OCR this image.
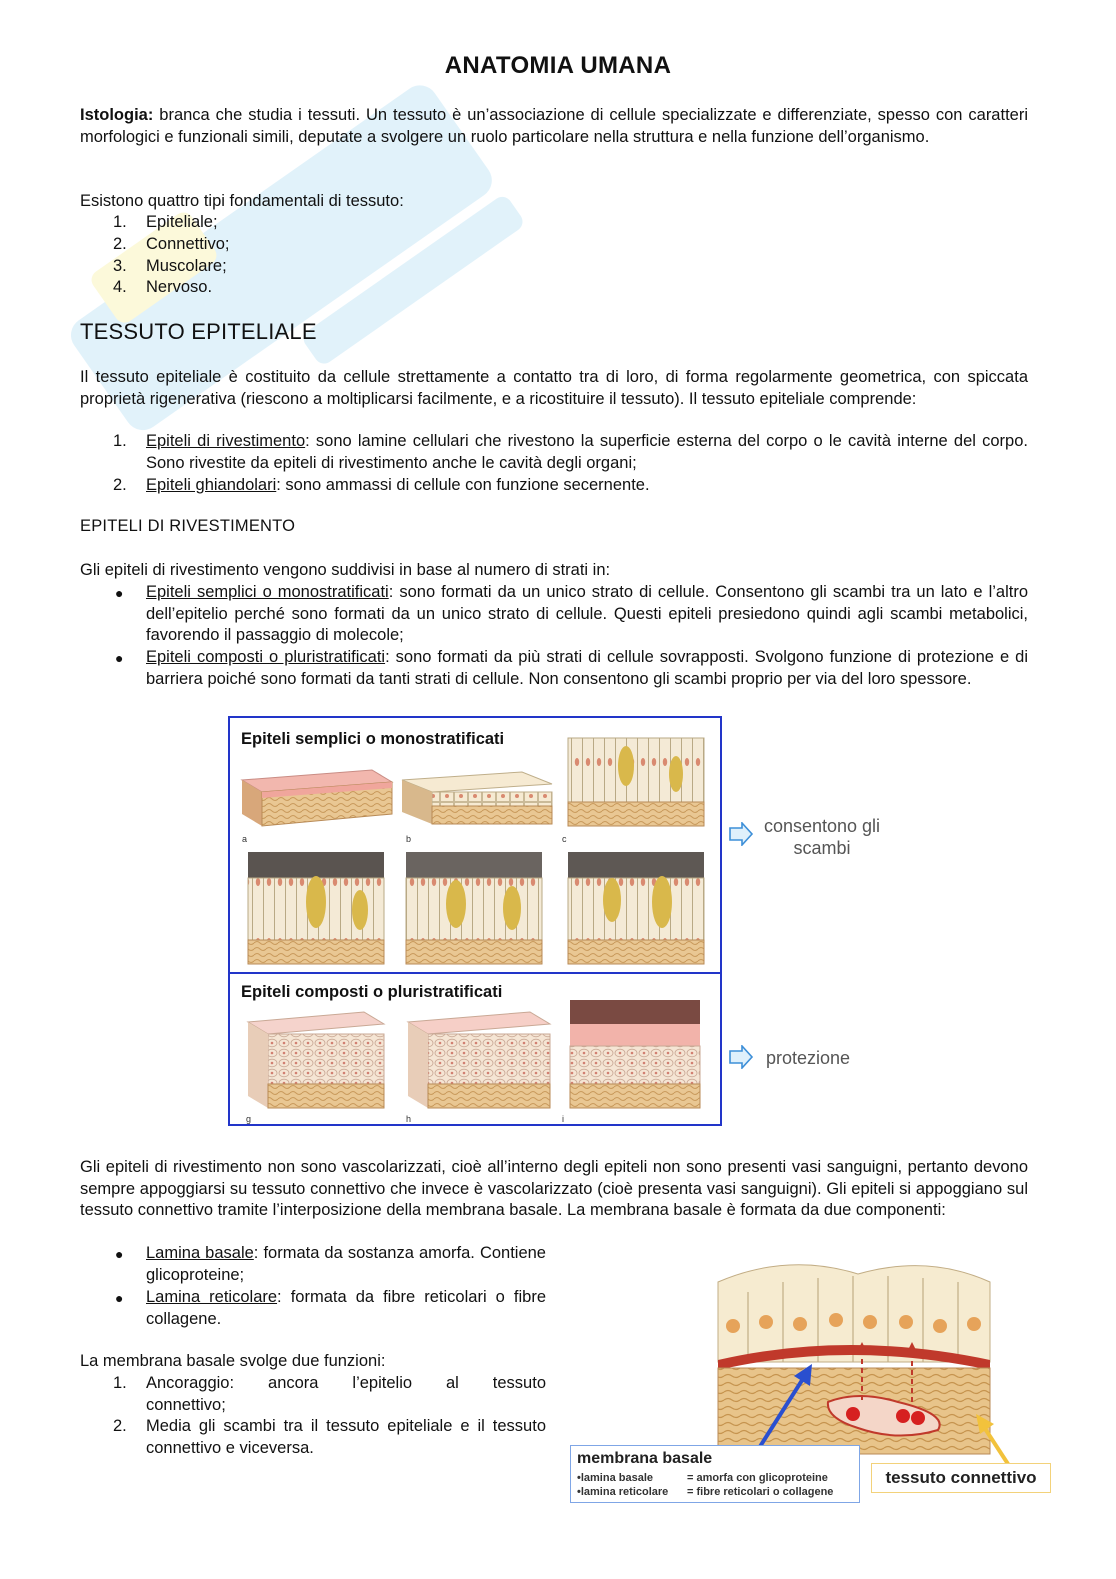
ANATOMIA UMANA
Istologia: branca che studia i tessuti. Un tessuto è un’associazione di cellule specializzate e differenziate, spesso con caratteri morfologici e funzionali simili, deputate a svolgere un ruolo particolare nella struttura e nella funzione dell’organismo.
Esistono quattro tipi fondamentali di tessuto:
1. Epiteliale;
2. Connettivo;
3. Muscolare;
4. Nervoso.
TESSUTO EPITELIALE
Il tessuto epiteliale è costituito da cellule strettamente a contatto tra di loro, di forma regolarmente geometrica, con spiccata proprietà rigenerativa (riescono a moltiplicarsi facilmente, e a ricostituire il tessuto). Il tessuto epiteliale comprende:
1. Epiteli di rivestimento: sono lamine cellulari che rivestono la superficie esterna del corpo o le cavità interne del corpo. Sono rivestite da epiteli di rivestimento anche le cavità degli organi;
2. Epiteli ghiandolari: sono ammassi di cellule con funzione secernente.
EPITELI DI RIVESTIMENTO
Gli epiteli di rivestimento vengono suddivisi in base al numero di strati in:
● Epiteli semplici o monostratificati: sono formati da un unico strato di cellule. Consentono gli scambi tra un lato e l’altro dell’epitelio perché sono formati da un unico strato di cellule. Questi epiteli presiedono quindi agli scambi metabolici, favorendo il passaggio di molecole;
● Epiteli composti o pluristratificati: sono formati da più strati di cellule sovrapposti. Svolgono funzione di protezione e di barriera poiché sono formati da tanti strati di cellule. Non consentono gli scambi proprio per via del loro spessore.
Epiteli semplici o monostratificati
Epiteli composti o pluristratificati
a	b	c
g	h	i
consentono gli scambi
protezione
Gli epiteli di rivestimento non sono vascolarizzati, cioè all’interno degli epiteli non sono presenti vasi sanguigni, pertanto devono sempre appoggiarsi su tessuto connettivo che invece è vascolarizzato (cioè presenta vasi sanguigni). Gli epiteli si appoggiano sul tessuto connettivo tramite l’interposizione della membrana basale. La membrana basale è formata da due componenti:
● Lamina basale: formata da sostanza amorfa. Contiene glicoproteine;
● Lamina reticolare: formata da fibre reticolari o fibre collagene.
La membrana basale svolge due funzioni:
1. Ancoraggio: ancora l’epitelio al tessuto connettivo;
2. Media gli scambi tra il tessuto epiteliale e il tessuto connettivo e viceversa.
membrana basale
•lamina basale	= amorfa con glicoproteine
•lamina reticolare = fibre reticolari o collagene
tessuto connettivo
